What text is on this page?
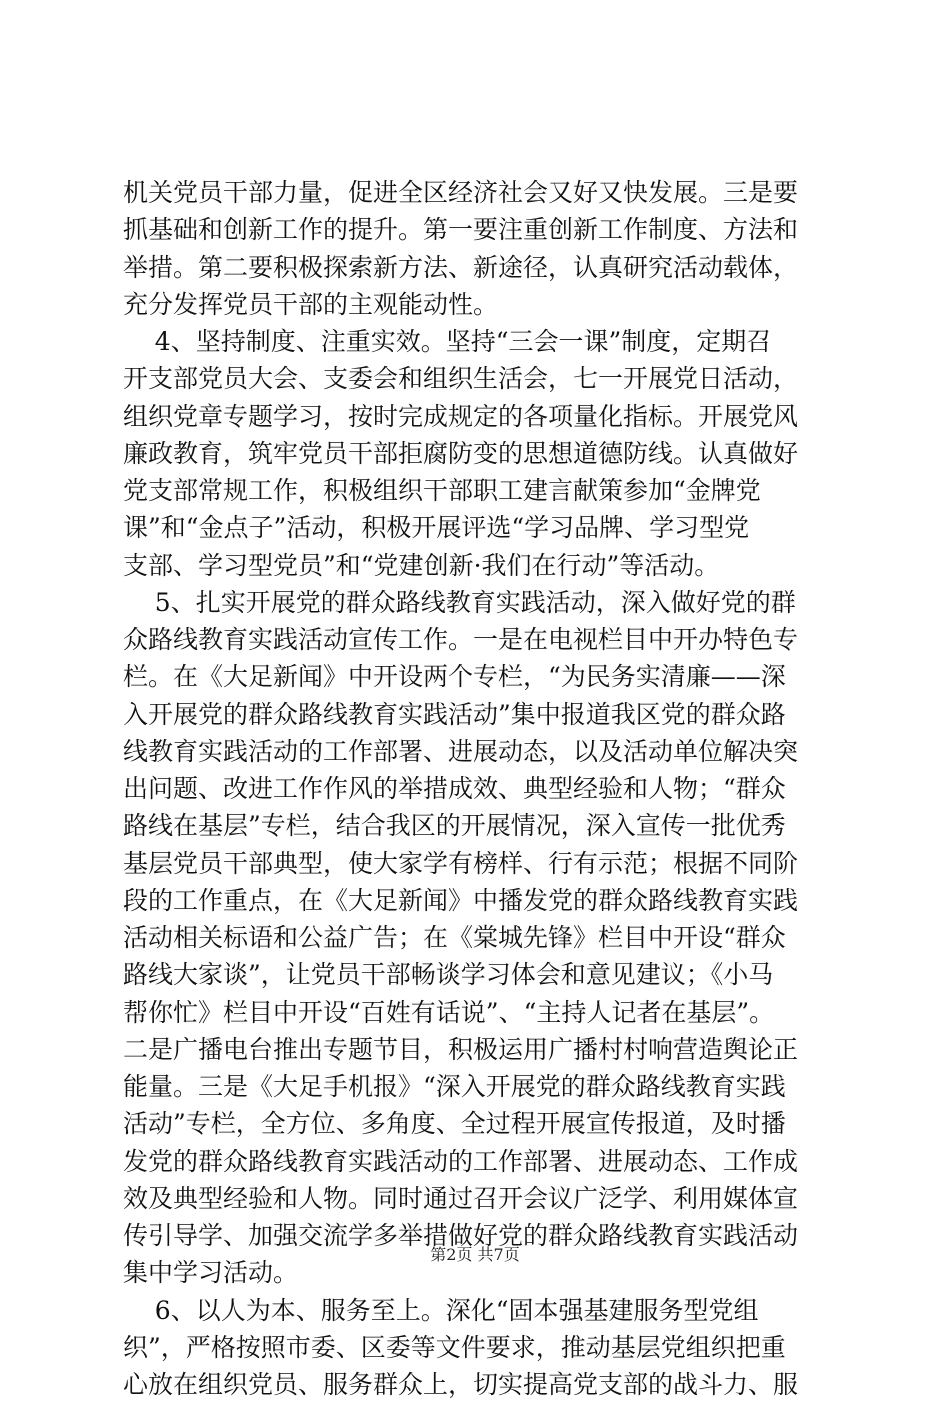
机关党员干部力量，促进全区经济社会又好又快发展。三是要
抓基础和创新工作的提升。第一要注重创新工作制度、方法和
举措。第二要积极探索新方法、新途径，认真研究活动载体，
充分发挥党员干部的主观能动性。
4、坚持制度、注重实效。坚持“三会一课”制度，定期召
开支部党员大会、支委会和组织生活会，七一开展党日活动，
组织党章专题学习，按时完成规定的各项量化指标。开展党风
廉政教育，筑牢党员干部拒腐防变的思想道德防线。认真做好
党支部常规工作，积极组织干部职工建言献策参加“金牌党
课”和“金点子”活动，积极开展评选“学习品牌、学习型党
支部、学习型党员”和“党建创新·我们在行动”等活动。
5、扎实开展党的群众路线教育实践活动，深入做好党的群
众路线教育实践活动宣传工作。一是在电视栏目中开办特色专
栏。在《大足新闻》中开设两个专栏，“为民务实清廉——深
入开展党的群众路线教育实践活动”集中报道我区党的群众路
线教育实践活动的工作部署、进展动态，以及活动单位解决突
出问题、改进工作作风的举措成效、典型经验和人物；“群众
路线在基层”专栏，结合我区的开展情况，深入宣传一批优秀
基层党员干部典型，使大家学有榜样、行有示范；根据不同阶
段的工作重点，在《大足新闻》中播发党的群众路线教育实践
活动相关标语和公益广告；在《棠城先锋》栏目中开设“群众
路线大家谈”，让党员干部畅谈学习体会和意见建议；《小马
帮你忙》栏目中开设“百姓有话说”、“主持人记者在基层”。
二是广播电台推出专题节目，积极运用广播村村响营造舆论正
能量。三是《大足手机报》“深入开展党的群众路线教育实践
活动”专栏，全方位、多角度、全过程开展宣传报道，及时播
发党的群众路线教育实践活动的工作部署、进展动态、工作成
效及典型经验和人物。同时通过召开会议广泛学、利用媒体宣
传引导学、加强交流学多举措做好党的群众路线教育实践活动
集中学习活动。
6、以人为本、服务至上。深化“固本强基建服务型党组
织”，严格按照市委、区委等文件要求，推动基层党组织把重
心放在组织党员、服务群众上，切实提高党支部的战斗力、服
第2页 共7页
